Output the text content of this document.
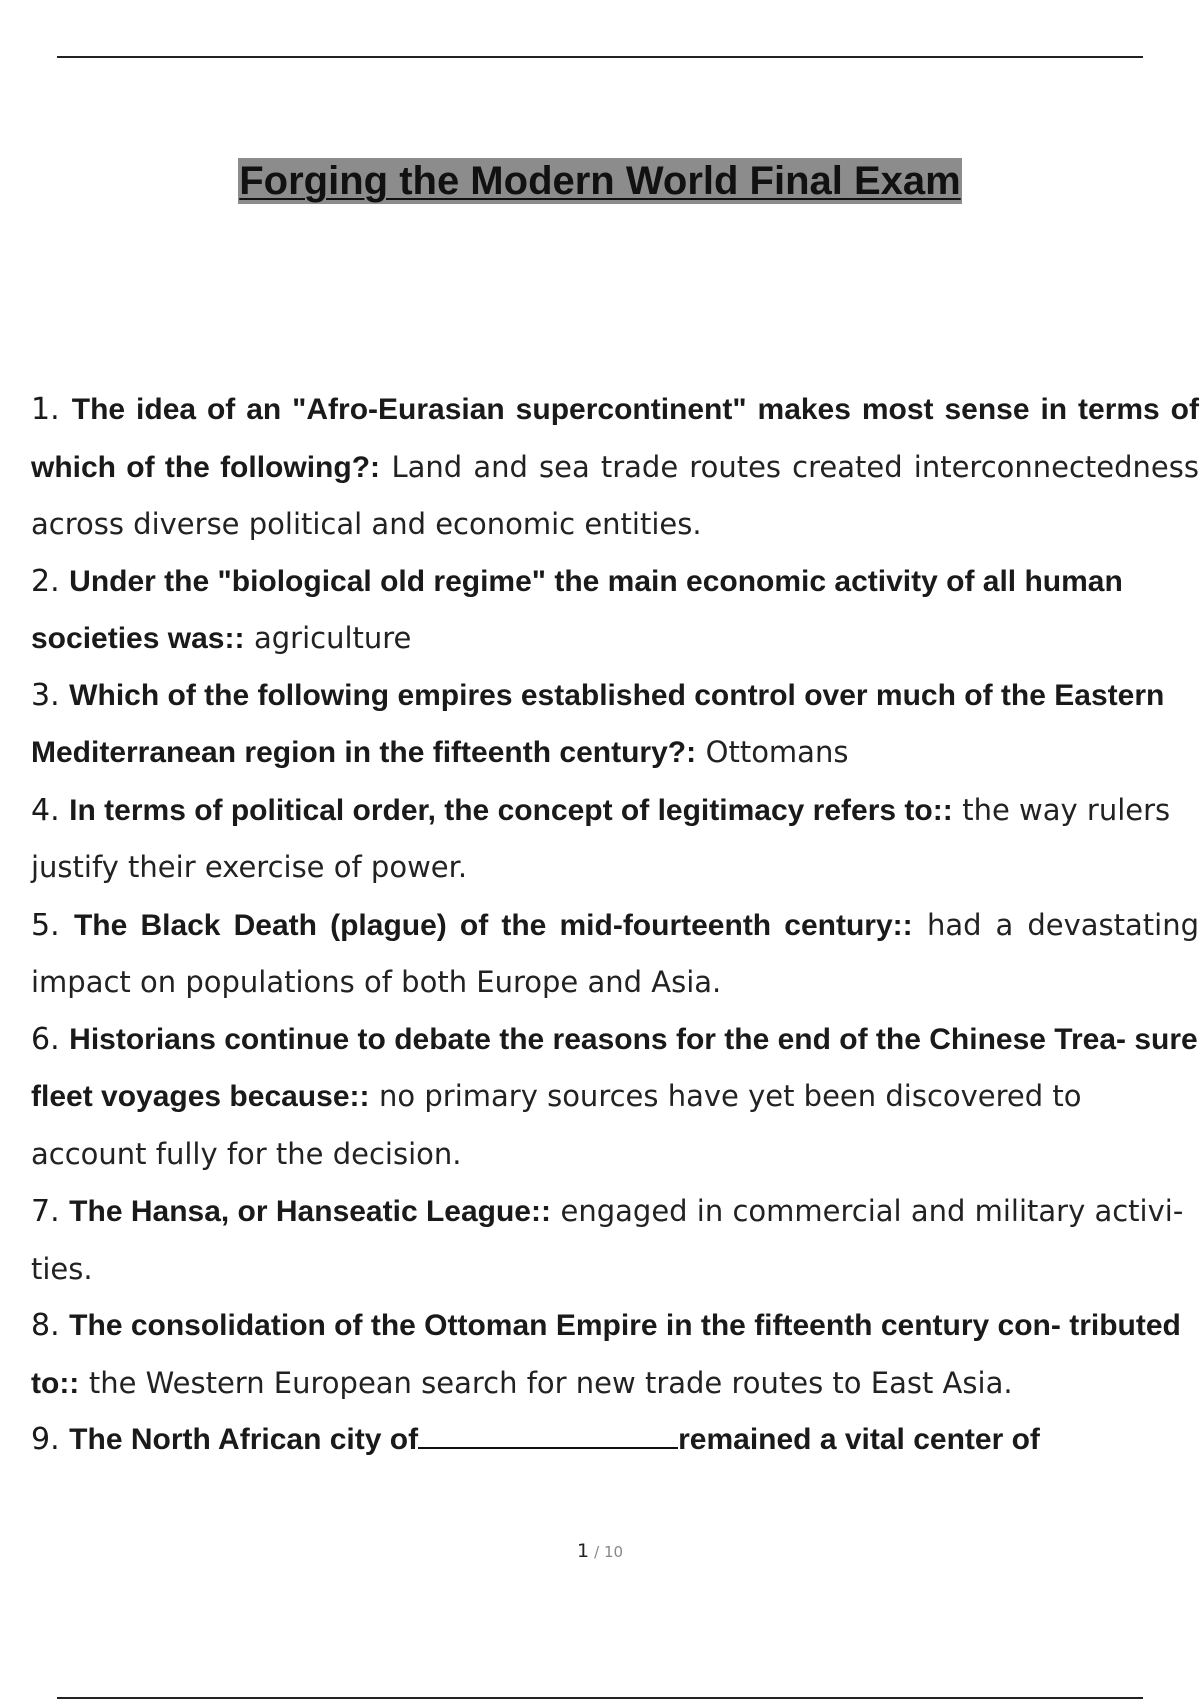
Forging the Modern World Final Exam

1. The idea of an "Afro-Eurasian supercontinent" makes most sense in terms of which of the following?: Land and sea trade routes created interconnectedness across diverse political and economic entities.

2. Under the "biological old regime" the main economic activity of all human societies was:: agriculture

3. Which of the following empires established control over much of the Eastern Mediterranean region in the fifteenth century?: Ottomans

4. In terms of political order, the concept of legitimacy refers to:: the way rulers justify their exercise of power.

5. The Black Death (plague) of the mid-fourteenth century:: had a devastating impact on populations of both Europe and Asia.

6. Historians continue to debate the reasons for the end of the Chinese Trea- sure fleet voyages because:: no primary sources have yet been discovered to account fully for the decision.

7. The Hansa, or Hanseatic League:: engaged in commercial and military activi- ties.

8. The consolidation of the Ottoman Empire in the fifteenth century con- tributed to:: the Western European search for new trade routes to East Asia.

9. The North African city of	remained a vital center of

1 / 10
